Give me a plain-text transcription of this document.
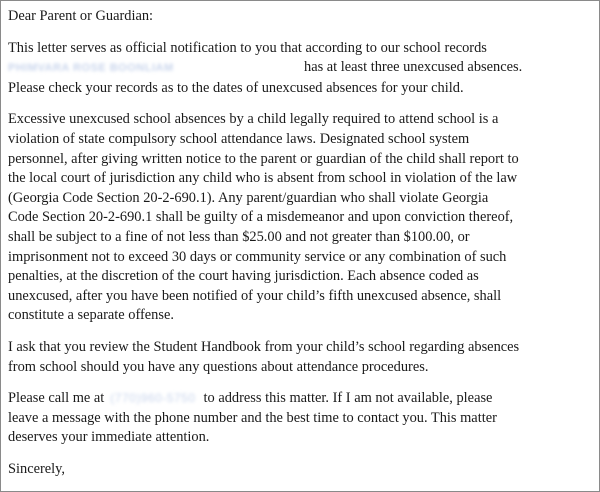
Dear Parent or Guardian:

This letter serves as official notification to you that according to our school records
PHIMVARA ROSE BOONLIAM	has at least three unexcused absences.
Please check your records as to the dates of unexcused absences for your child.

Excessive unexcused school absences by a child legally required to attend school is a
violation of state compulsory school attendance laws. Designated school system
personnel, after giving written notice to the parent or guardian of the child shall report to
the local court of jurisdiction any child who is absent from school in violation of the law
(Georgia Code Section 20-2-690.1). Any parent/guardian who shall violate Georgia
Code Section 20-2-690.1 shall be guilty of a misdemeanor and upon conviction thereof,
shall be subject to a fine of not less than $25.00 and not greater than $100.00, or
imprisonment not to exceed 30 days or community service or any combination of such
penalties, at the discretion of the court having jurisdiction. Each absence coded as
unexcused, after you have been notified of your child’s fifth unexcused absence, shall
constitute a separate offense.

I ask that you review the Student Handbook from your child’s school regarding absences
from school should you have any questions about attendance procedures.

Please call me at (770)960-5750 to address this matter. If I am not available, please
leave a message with the phone number and the best time to contact you. This matter
deserves your immediate attention.

Sincerely,
